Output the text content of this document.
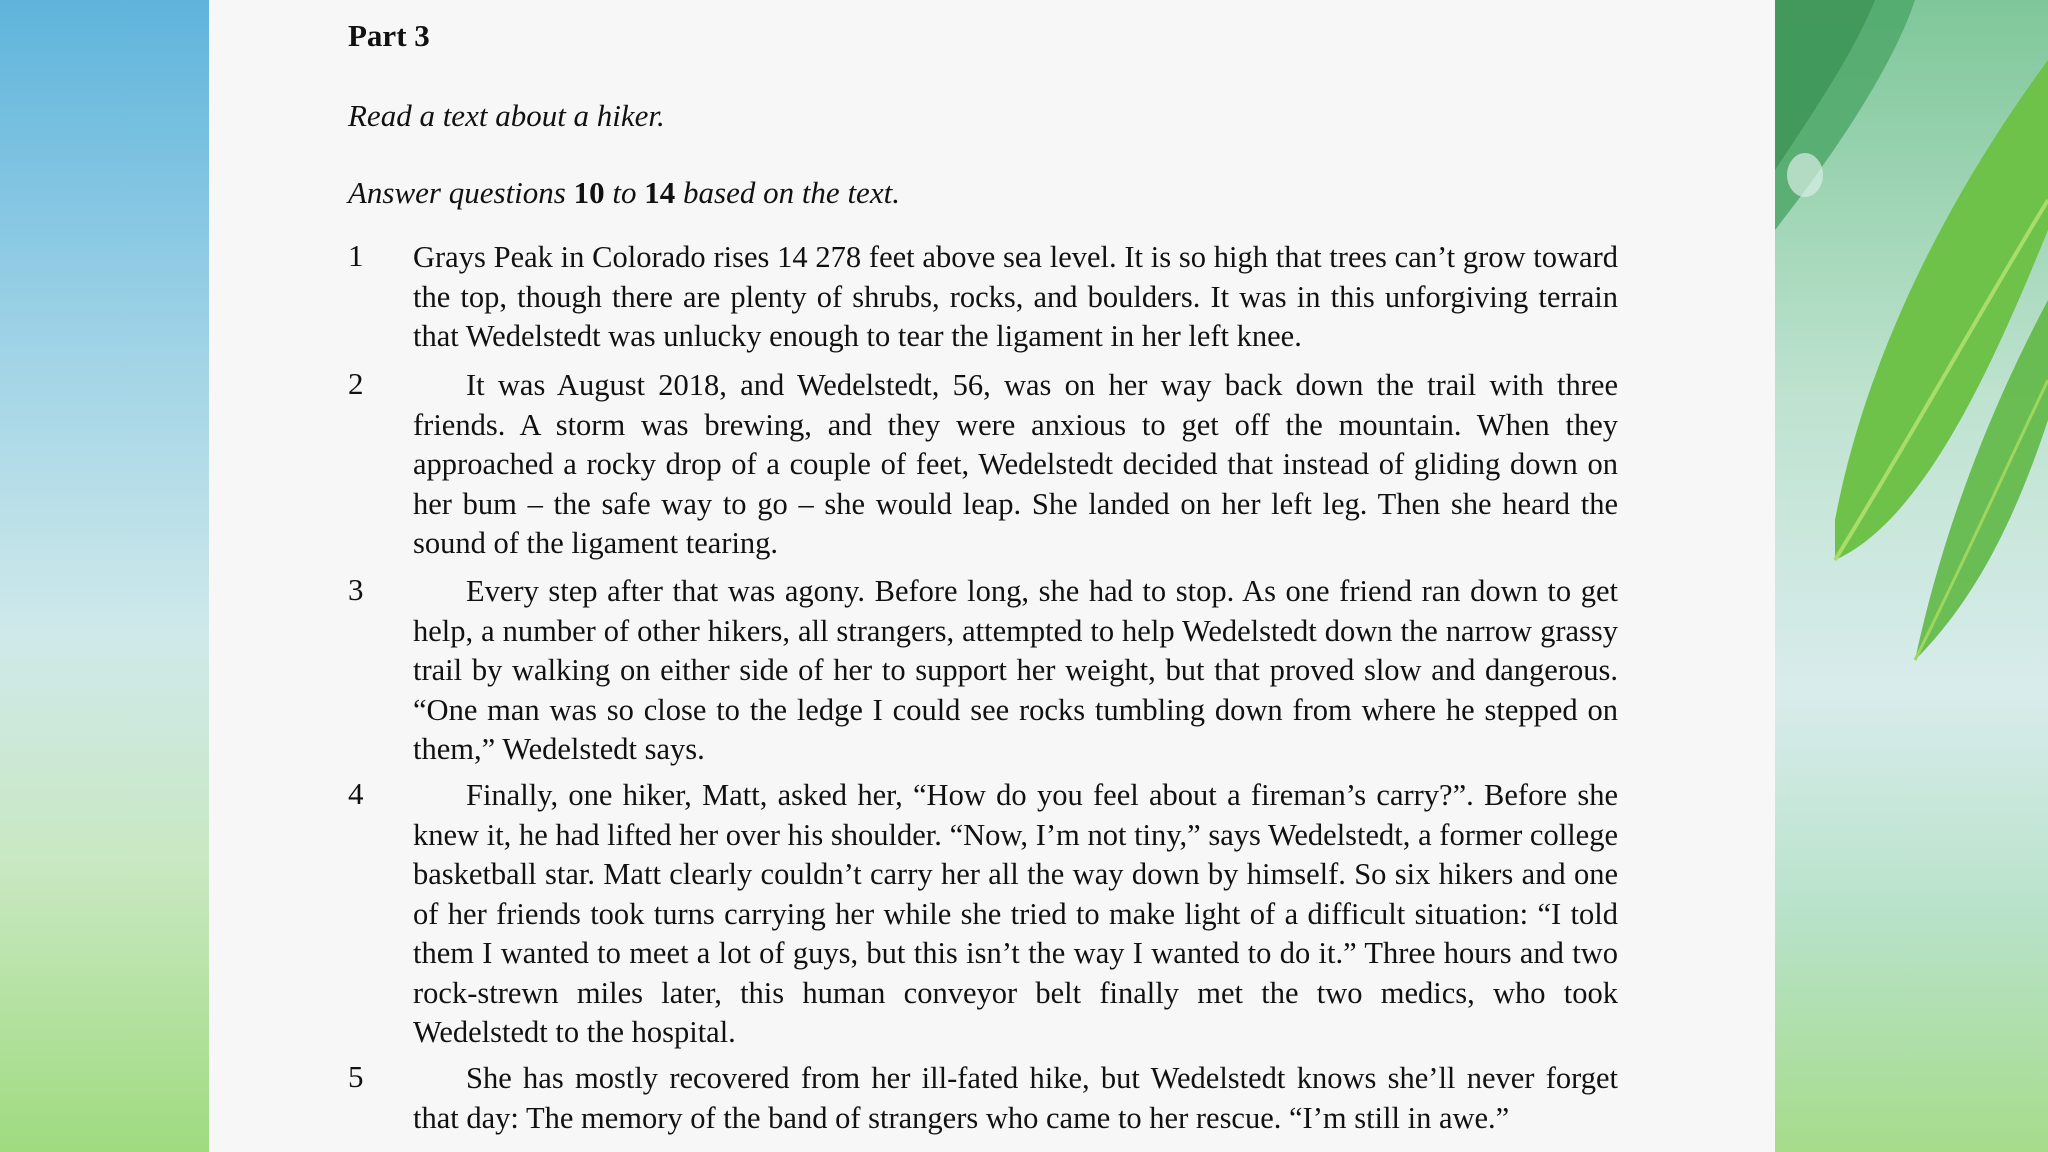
Part 3
Read a text about a hiker.
Answer questions 10 to 14 based on the text.
1 Grays Peak in Colorado rises 14 278 feet above sea level. It is so high that trees can’t grow toward the top, though there are plenty of shrubs, rocks, and boulders. It was in this unforgiving terrain that Wedelstedt was unlucky enough to tear the ligament in her left knee.
2	It was August 2018, and Wedelstedt, 56, was on her way back down the trail with three friends. A storm was brewing, and they were anxious to get off the mountain. When they approached a rocky drop of a couple of feet, Wedelstedt decided that instead of gliding down on her bum – the safe way to go – she would leap. She landed on her left leg. Then she heard the sound of the ligament tearing.
3	Every step after that was agony. Before long, she had to stop. As one friend ran down to get help, a number of other hikers, all strangers, attempted to help Wedelstedt down the narrow grassy trail by walking on either side of her to support her weight, but that proved slow and dangerous. “One man was so close to the ledge I could see rocks tumbling down from where he stepped on them,” Wedelstedt says.
4	Finally, one hiker, Matt, asked her, “How do you feel about a fireman’s carry?”. Before she knew it, he had lifted her over his shoulder. “Now, I’m not tiny,” says Wedelstedt, a former college basketball star. Matt clearly couldn’t carry her all the way down by himself. So six hikers and one of her friends took turns carrying her while she tried to make light of a difficult situation: “I told them I wanted to meet a lot of guys, but this isn’t the way I wanted to do it.” Three hours and two rock-strewn miles later, this human conveyor belt finally met the two medics, who took Wedelstedt to the hospital.
5	She has mostly recovered from her ill-fated hike, but Wedelstedt knows she’ll never forget that day: The memory of the band of strangers who came to her rescue. “I’m still in awe.”
